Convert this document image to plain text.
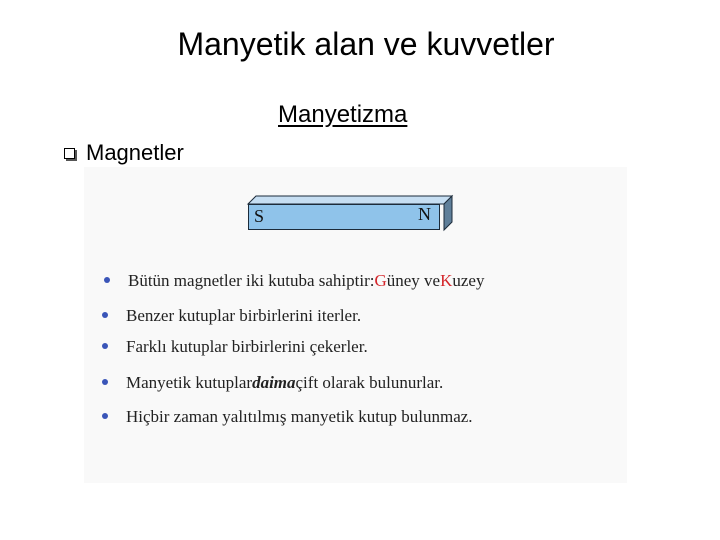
Manyetik alan ve kuvvetler
Manyetizma
Magnetler
S	N
Bütün magnetler iki kutuba sahiptir: G üney ve K uzey
Benzer kutuplar birbirlerini iterler.
Farklı kutuplar birbirlerini çekerler.
Manyetik kutuplar daima çift olarak bulunurlar.
Hiçbir zaman yalıtılmış manyetik kutup bulunmaz.
